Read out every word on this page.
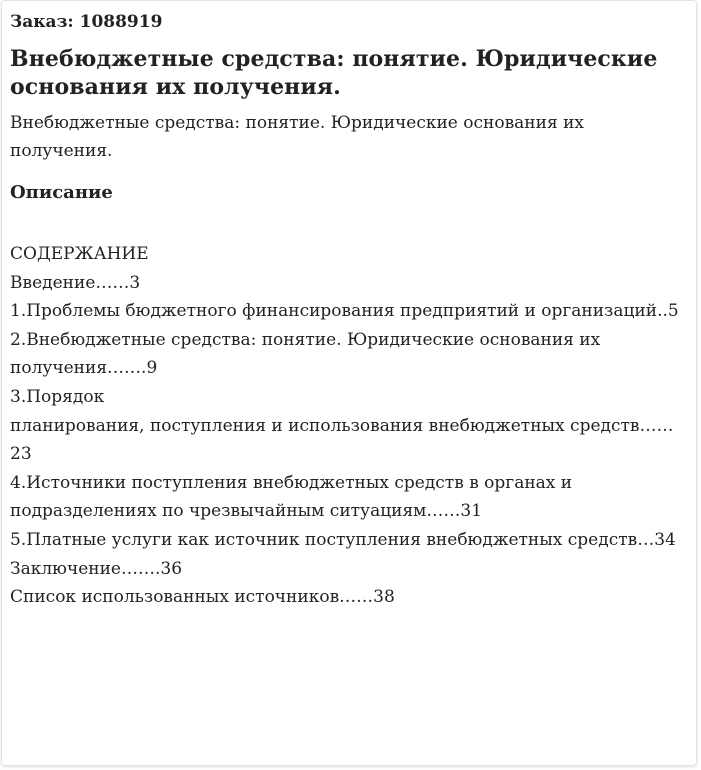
Заказ: 1088919
Внебюджетные средства: понятие. Юридические основания их получения.
Внебюджетные средства: понятие. Юридические основания их получения.
Описание
СОДЕРЖАНИЕ
Введение……3
1.Проблемы бюджетного финансирования предприятий и организаций..5
2.Внебюджетные средства: понятие. Юридические основания их получения…….9
3.Порядок
планирования, поступления и использования внебюджетных средств……23
4.Источники поступления внебюджетных средств в органах и подразделениях по чрезвычайным ситуациям……31
5.Платные услуги как источник поступления внебюджетных средств…34
Заключение…….36
Список использованных источников……38
